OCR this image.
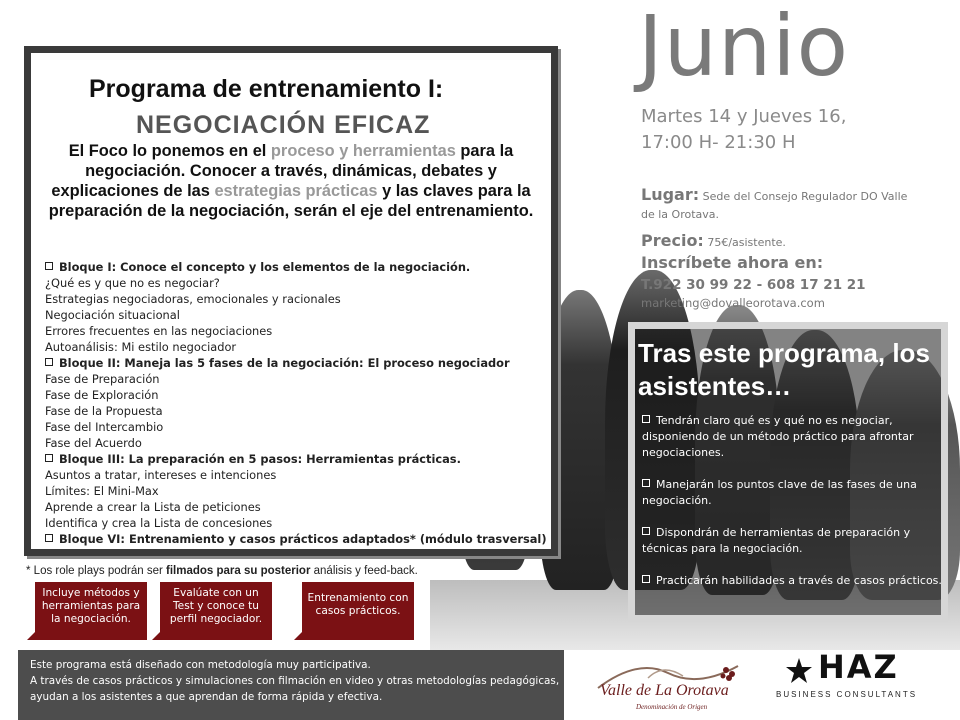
Programa de entrenamiento I:
NEGOCIACIÓN EFICAZ

El Foco lo ponemos en el proceso y herramientas para la negociación. Conocer a través, dinámicas, debates y explicaciones de las estrategias prácticas y las claves para la preparación de la negociación, serán el eje del entrenamiento.

Bloque I: Conoce el concepto y los elementos de la negociación.
¿Qué es y que no es negociar?
Estrategias negociadoras, emocionales y racionales
Negociación situacional
Errores frecuentes en las negociaciones
Autoanálisis: Mi estilo negociador
Bloque II: Maneja las 5 fases de la negociación: El proceso negociador
Fase de Preparación
Fase de Exploración
Fase de la Propuesta
Fase del Intercambio
Fase del Acuerdo
Bloque III: La preparación en 5 pasos: Herramientas prácticas.
Asuntos a tratar, intereses e intenciones
Límites: El Mini-Max
Aprende a crear la Lista de peticiones
Identifica y crea la Lista de concesiones
Bloque VI: Entrenamiento y casos prácticos adaptados* (módulo trasversal)

* Los role plays podrán ser filmados para su posterior análisis y feed-back.

Incluye métodos y herramientas para la negociación.
Evalúate con un Test y conoce tu perfil negociador.
Entrenamiento con casos prácticos.

Este programa está diseñado con metodología muy participativa.
A través de casos prácticos y simulaciones con filmación en video y otras metodologías pedagógicas, ayudan a los asistentes a que aprendan de forma rápida y efectiva.

Junio

Martes 14 y Jueves 16,
17:00 H- 21:30 H

Lugar: Sede del Consejo Regulador DO Valle de la Orotava.

Precio: 75€/asistente.

Inscríbete ahora en:

T.922 30 99 22 - 608 17 21 21

marketing@dovalleorotava.com

Tras este programa, los asistentes…

Tendrán claro qué es y qué no es negociar, disponiendo de un método práctico para afrontar negociaciones.
Manejarán los puntos clave de las fases de una negociación.
Dispondrán de herramientas de preparación y técnicas para la negociación.
Practicarán habilidades a través de casos prácticos.

Valle de La Orotava

Denominación de Origen

HAZ

BUSINESS CONSULTANTS
